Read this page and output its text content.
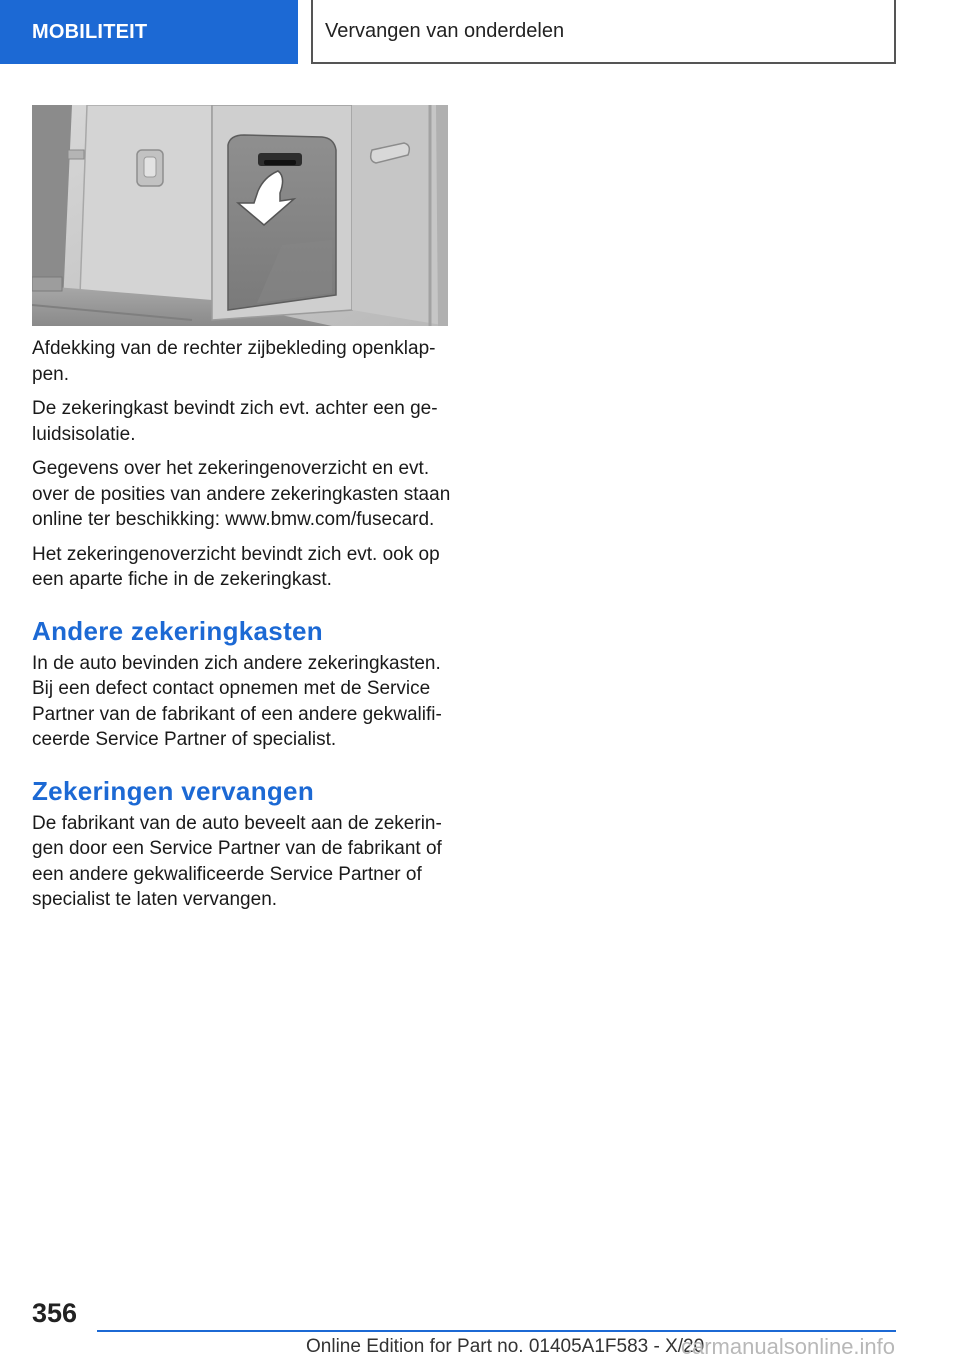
MOBILITEIT	Vervangen van onderdelen

Afdekking van de rechter zijbekleding openklappen.

De zekeringkast bevindt zich evt. achter een geluidsisolatie.

Gegevens over het zekeringenoverzicht en evt. over de posities van andere zekeringkasten staan online ter beschikking: www.bmw.com/fusecard.

Het zekeringenoverzicht bevindt zich evt. ook op een aparte fiche in de zekeringkast.

Andere zekeringkasten

In de auto bevinden zich andere zekeringkasten. Bij een defect contact opnemen met de Service Partner van de fabrikant of een andere gekwalificeerde Service Partner of specialist.

Zekeringen vervangen

De fabrikant van de auto beveelt aan de zekeringen door een Service Partner van de fabrikant of een andere gekwalificeerde Service Partner of specialist te laten vervangen.

356
Online Edition for Part no. 01405A1F583 - X/20
carmanualsonline.info
